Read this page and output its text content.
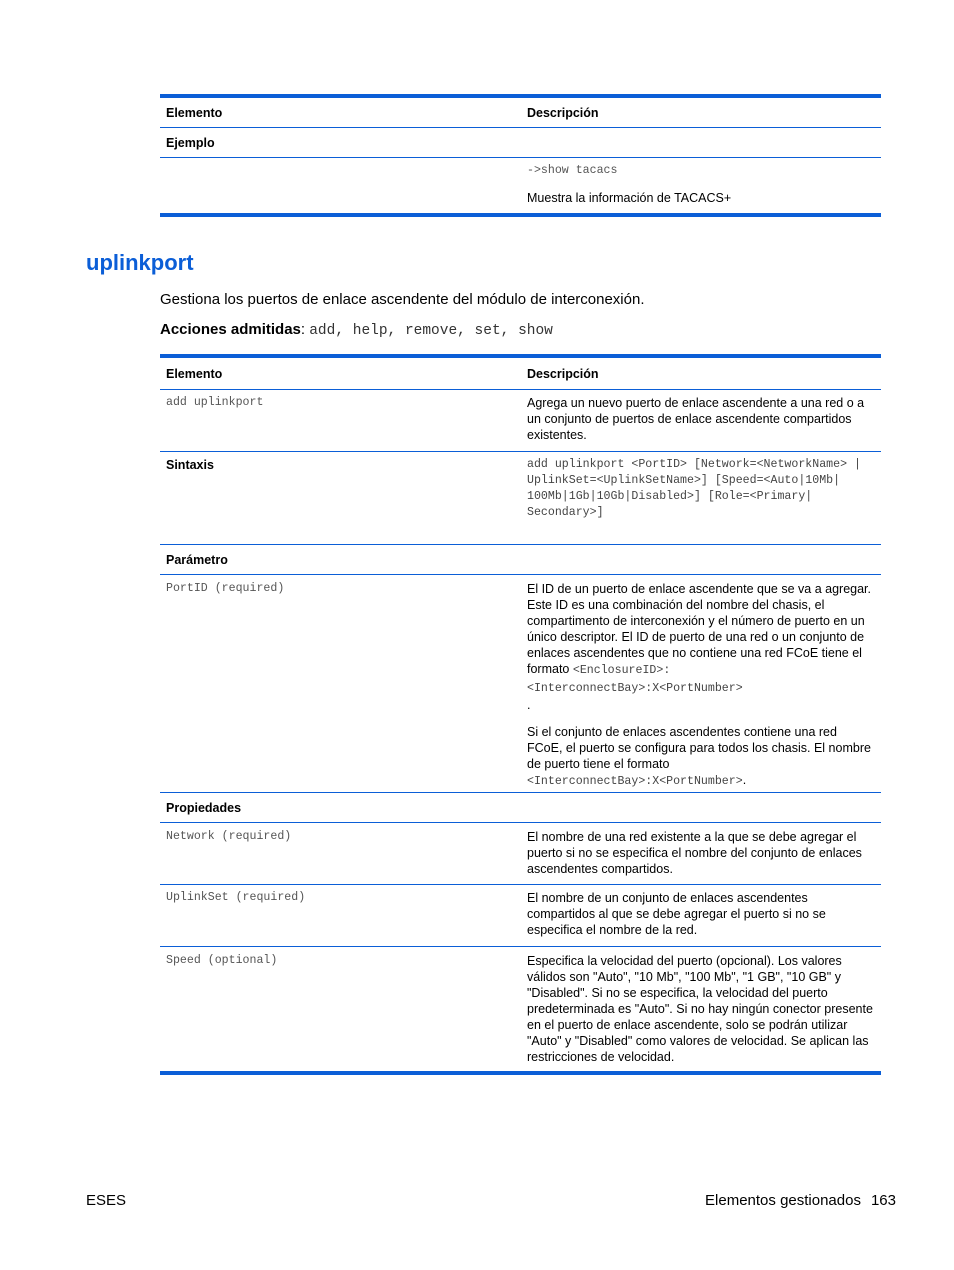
Elemento	Descripción
Ejemplo
->show tacacs
Muestra la información de TACACS+
uplinkport
Gestiona los puertos de enlace ascendente del módulo de interconexión.
Acciones admitidas: add, help, remove, set, show
Elemento	Descripción
add uplinkport	Agrega un nuevo puerto de enlace ascendente a una red o a un conjunto de puertos de enlace ascendente compartidos existentes.
Sintaxis	add uplinkport <PortID> [Network=<NetworkName> | UplinkSet=<UplinkSetName>] [Speed=<Auto|10Mb| 100Mb|1Gb|10Gb|Disabled>] [Role=<Primary| Secondary>]
Parámetro
PortID (required)	El ID de un puerto de enlace ascendente que se va a agregar. Este ID es una combinación del nombre del chasis, el compartimento de interconexión y el número de puerto en un único descriptor. El ID de puerto de una red o un conjunto de enlaces ascendentes que no contiene una red FCoE tiene el formato <EnclosureID>:<InterconnectBay>:X<PortNumber>
.
Si el conjunto de enlaces ascendentes contiene una red FCoE, el puerto se configura para todos los chasis. El nombre de puerto tiene el formato <InterconnectBay>:X<PortNumber>.
Propiedades
Network (required)	El nombre de una red existente a la que se debe agregar el puerto si no se especifica el nombre del conjunto de enlaces ascendentes compartidos.
UplinkSet (required)	El nombre de un conjunto de enlaces ascendentes compartidos al que se debe agregar el puerto si no se especifica el nombre de la red.
Speed (optional)	Especifica la velocidad del puerto (opcional). Los valores válidos son "Auto", "10 Mb", "100 Mb", "1 GB", "10 GB" y "Disabled". Si no se especifica, la velocidad del puerto predeterminada es "Auto". Si no hay ningún conector presente en el puerto de enlace ascendente, solo se podrán utilizar "Auto" y "Disabled" como valores de velocidad. Se aplican las restricciones de velocidad.
ESES	Elementos gestionados 163
